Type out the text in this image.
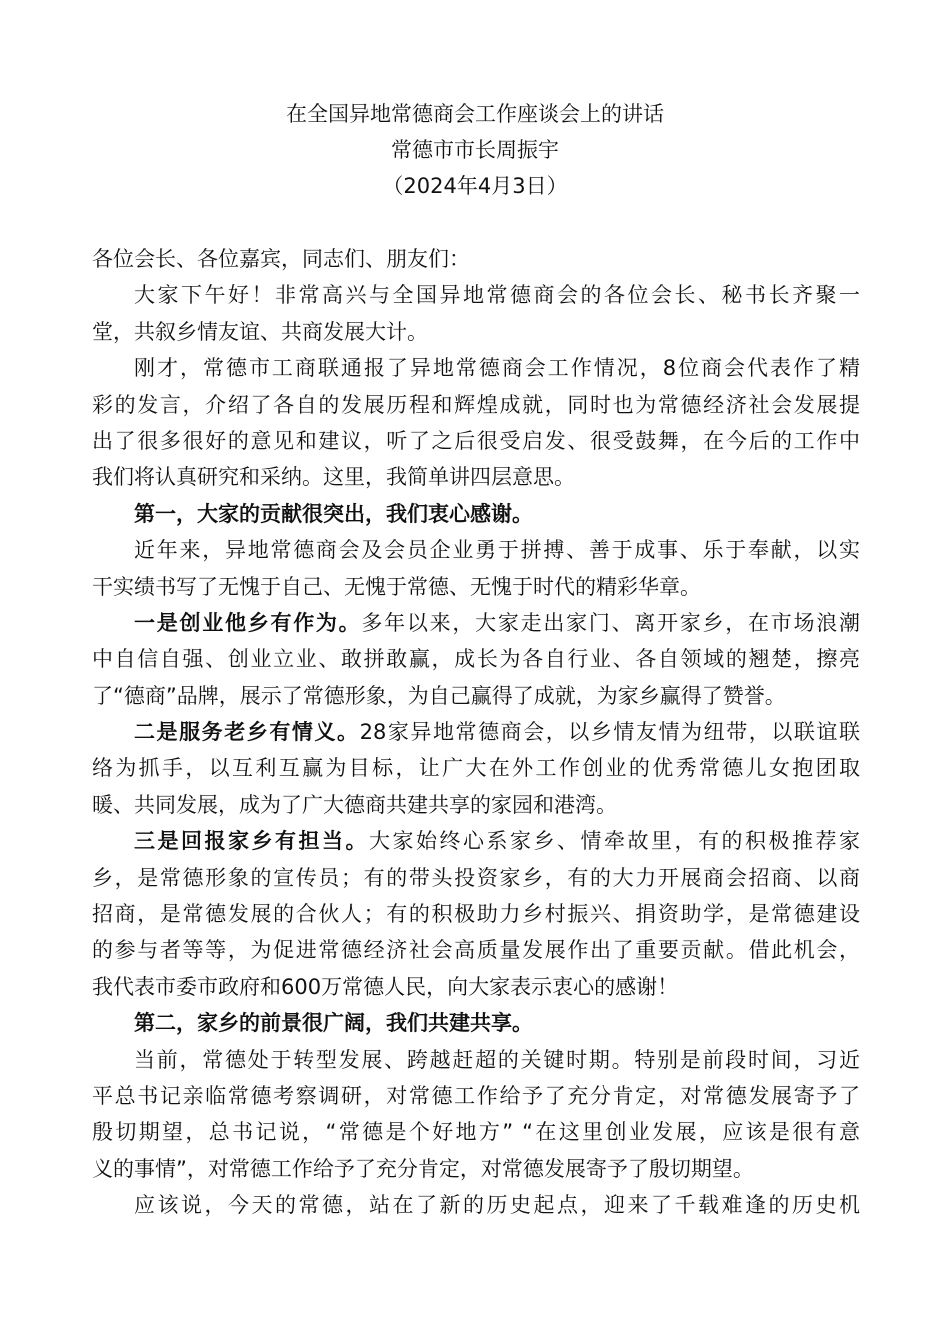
在全国异地常德商会工作座谈会上的讲话
常德市市长周振宇
（2024年4月3日）
各位会长、各位嘉宾，同志们、朋友们：
大家下午好！非常高兴与全国异地常德商会的各位会长、秘书长齐聚一
堂，共叙乡情友谊、共商发展大计。
刚才，常德市工商联通报了异地常德商会工作情况，8位商会代表作了精
彩的发言，介绍了各自的发展历程和辉煌成就，同时也为常德经济社会发展提
出了很多很好的意见和建议，听了之后很受启发、很受鼓舞，在今后的工作中
我们将认真研究和采纳。这里，我简单讲四层意思。
第一，大家的贡献很突出，我们衷心感谢。
近年来，异地常德商会及会员企业勇于拼搏、善于成事、乐于奉献，以实
干实绩书写了无愧于自己、无愧于常德、无愧于时代的精彩华章。
一是创业他乡有作为。多年以来，大家走出家门、离开家乡，在市场浪潮
中自信自强、创业立业、敢拼敢赢，成长为各自行业、各自领域的翘楚，擦亮
了“德商”品牌，展示了常德形象，为自己赢得了成就，为家乡赢得了赞誉。
二是服务老乡有情义。28家异地常德商会，以乡情友情为纽带，以联谊联
络为抓手，以互利互赢为目标，让广大在外工作创业的优秀常德儿女抱团取
暖、共同发展，成为了广大德商共建共享的家园和港湾。
三是回报家乡有担当。大家始终心系家乡、情牵故里，有的积极推荐家
乡，是常德形象的宣传员；有的带头投资家乡，有的大力开展商会招商、以商
招商，是常德发展的合伙人；有的积极助力乡村振兴、捐资助学，是常德建设
的参与者等等，为促进常德经济社会高质量发展作出了重要贡献。借此机会，
我代表市委市政府和600万常德人民，向大家表示衷心的感谢！
第二，家乡的前景很广阔，我们共建共享。
当前，常德处于转型发展、跨越赶超的关键时期。特别是前段时间，习近
平总书记亲临常德考察调研，对常德工作给予了充分肯定，对常德发展寄予了
殷切期望，总书记说，“常德是个好地方” “在这里创业发展，应该是很有意
义的事情”，对常德工作给予了充分肯定，对常德发展寄予了殷切期望。
应该说，今天的常德，站在了新的历史起点，迎来了千载难逢的历史机
